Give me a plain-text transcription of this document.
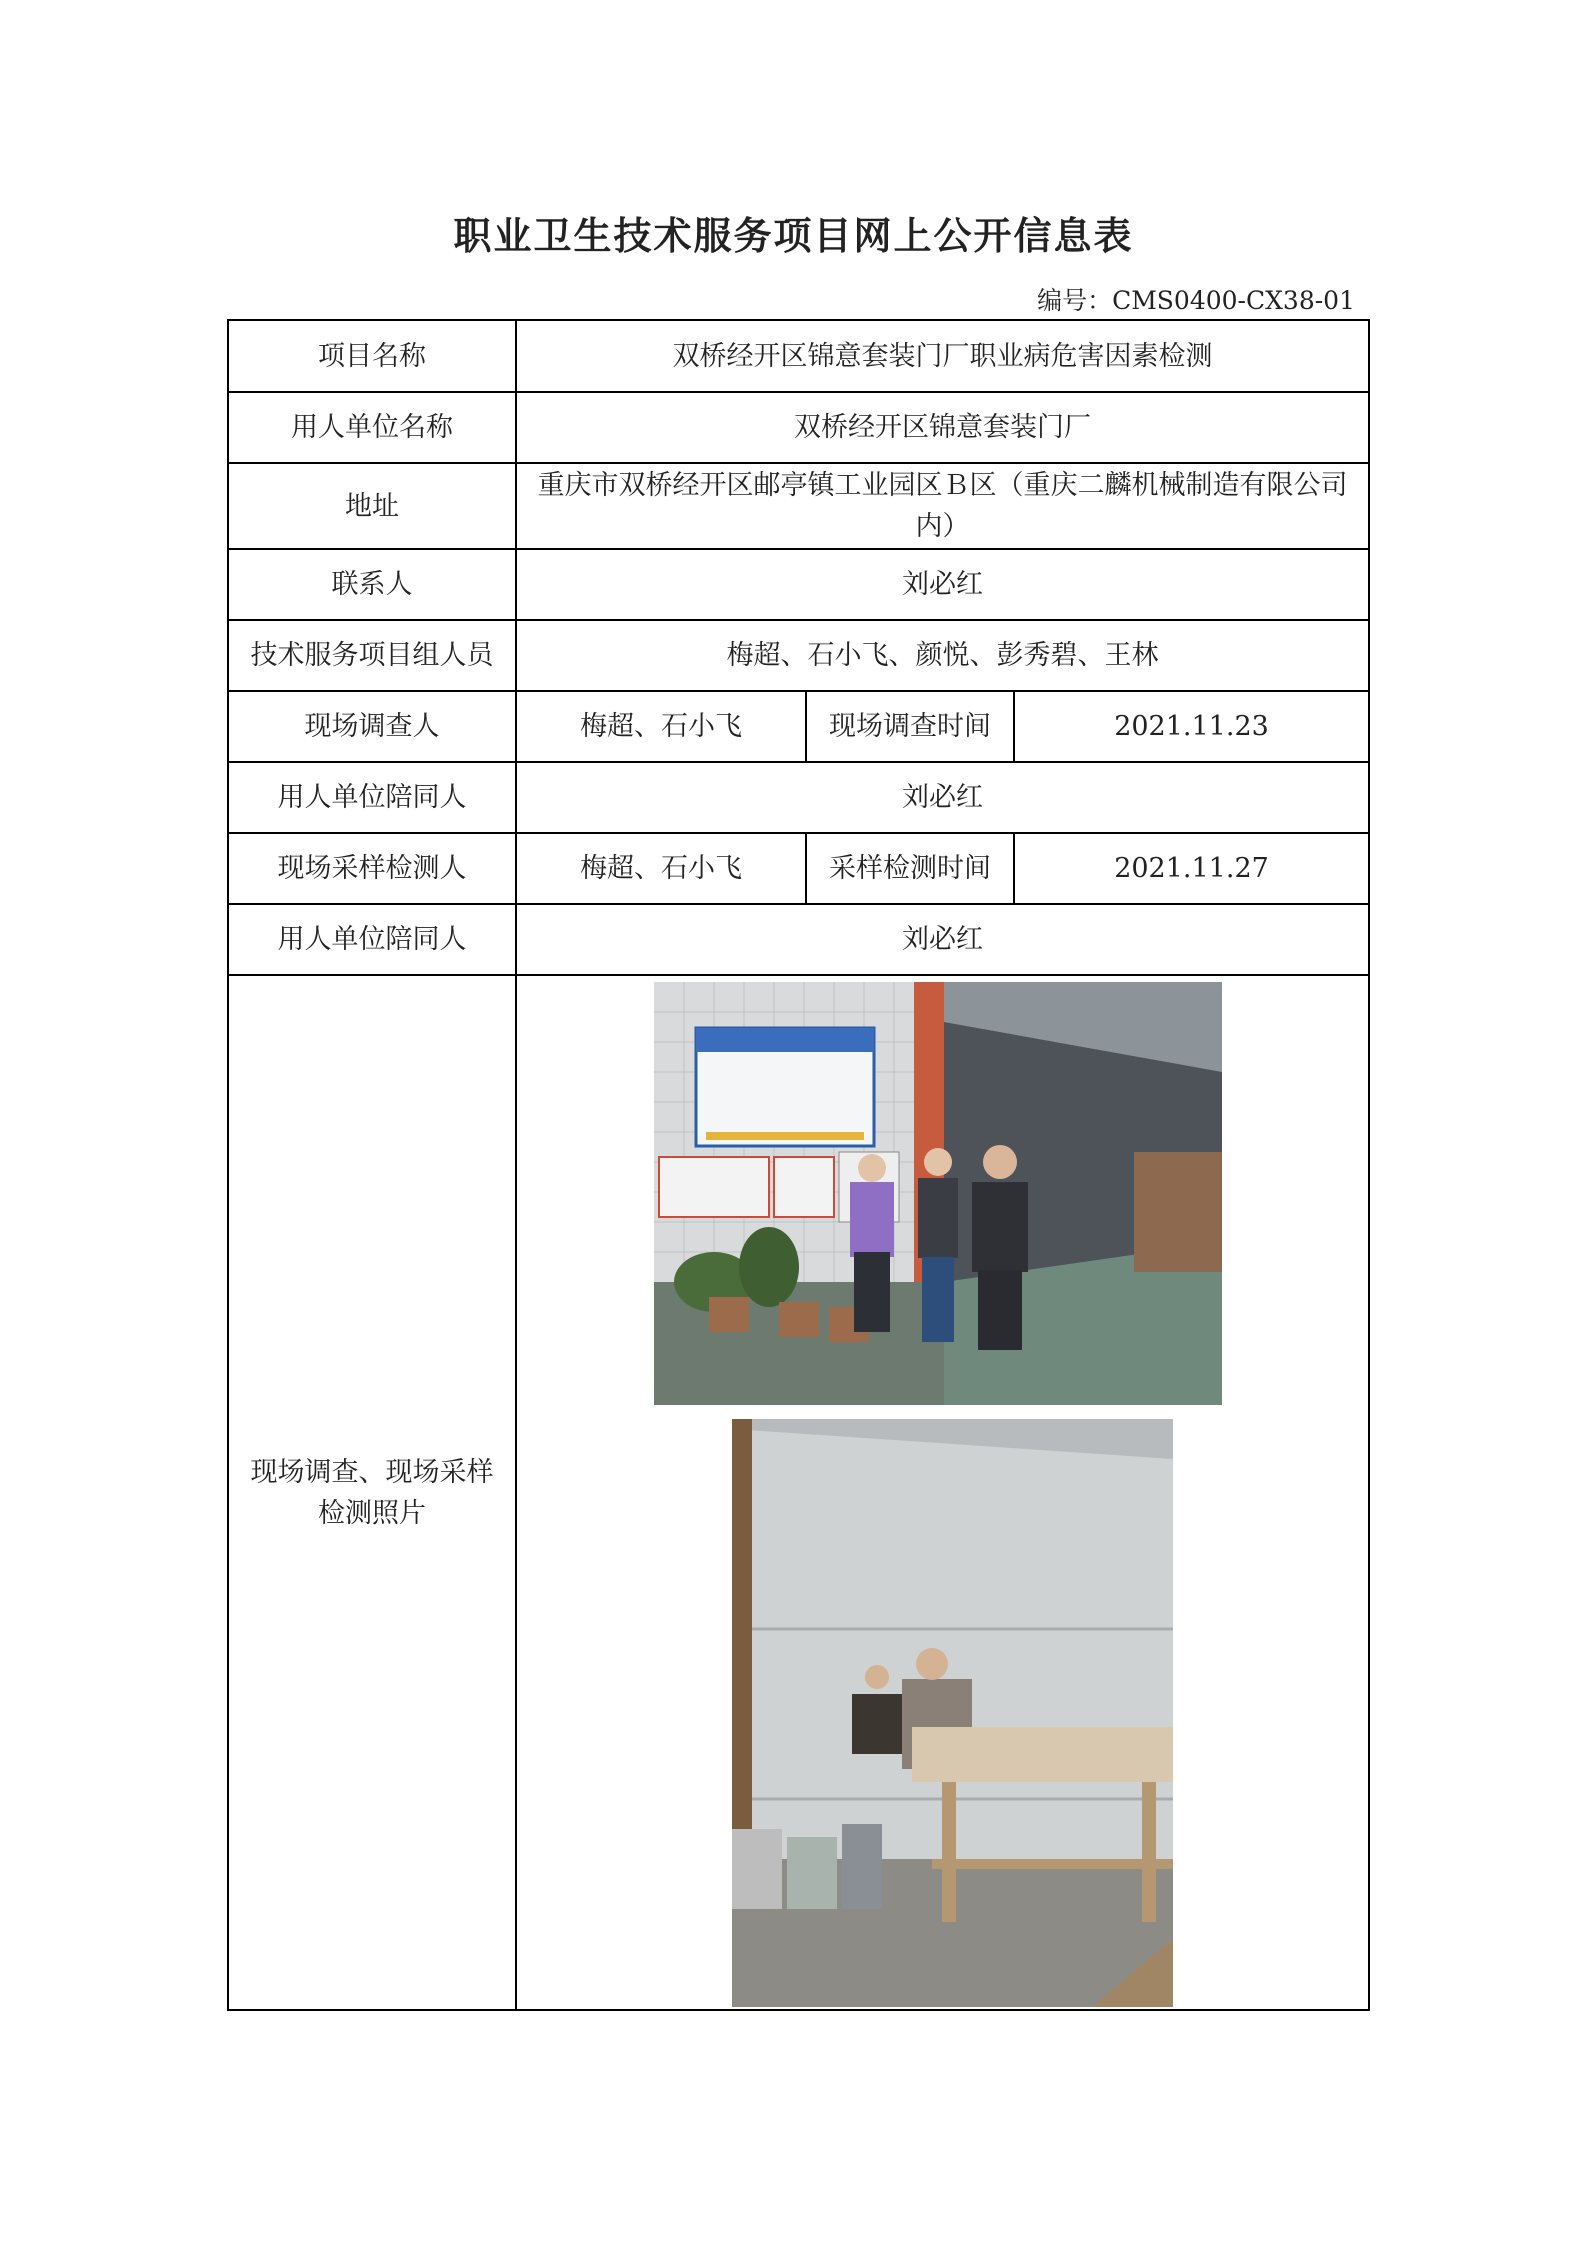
职业卫生技术服务项目网上公开信息表
编号：CMS0400-CX38-01
项目名称	双桥经开区锦意套装门厂职业病危害因素检测		
用人单位名称	双桥经开区锦意套装门厂		
地址	重庆市双桥经开区邮亭镇工业园区Ｂ区（重庆二麟机械制造有限公司内）		
联系人	刘必红		
技术服务项目组人员	梅超、石小飞、颜悦、彭秀碧、王林		
现场调查人	梅超、石小飞	现场调查时间	2021.11.23
用人单位陪同人	刘必红		
现场采样检测人	梅超、石小飞	采样检测时间	2021.11.27
用人单位陪同人	刘必红		
现场调查、现场采样检测照片	
